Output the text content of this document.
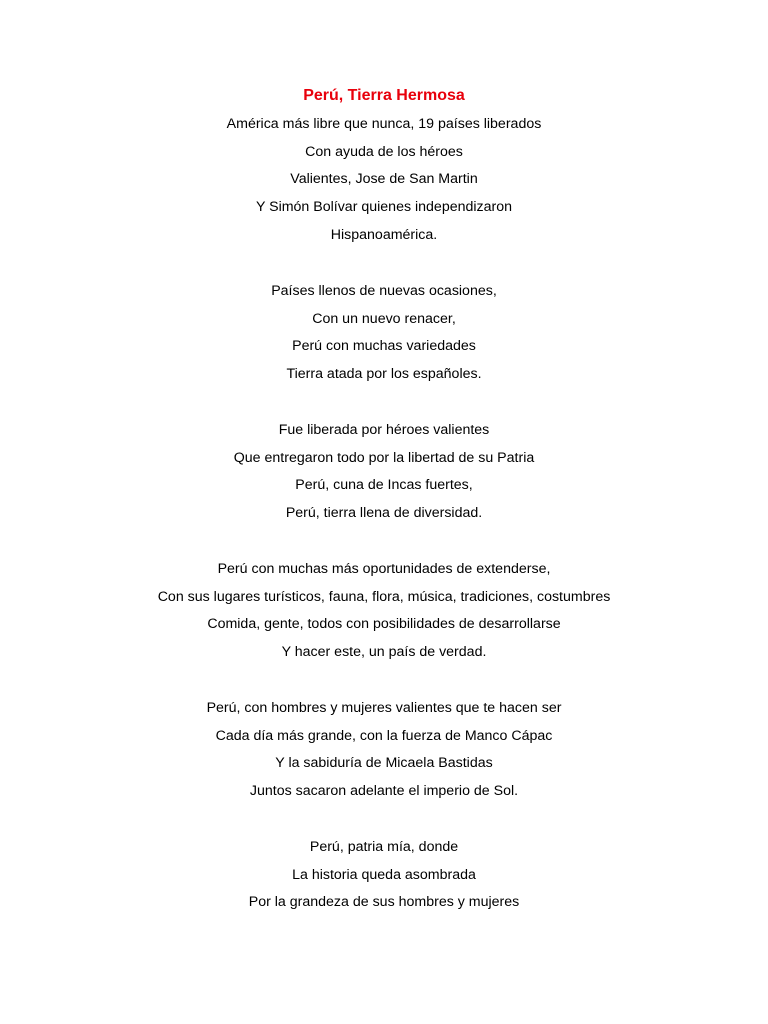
Perú, Tierra Hermosa
América más libre que nunca, 19 países liberados
Con ayuda de los héroes
Valientes, Jose de San Martin
Y Simón Bolívar quienes independizaron
Hispanoamérica.
Países llenos de nuevas ocasiones,
Con un nuevo renacer,
Perú con muchas variedades
Tierra atada por los españoles.
Fue liberada por héroes valientes
Que entregaron todo por la libertad de su Patria
Perú, cuna de Incas fuertes,
Perú, tierra llena de diversidad.
Perú con muchas más oportunidades de extenderse,
Con sus lugares turísticos, fauna, flora, música, tradiciones, costumbres
Comida, gente, todos con posibilidades de desarrollarse
Y hacer este, un país de verdad.
Perú, con hombres y mujeres valientes que te hacen ser
Cada día más grande, con la fuerza de Manco Cápac
Y la sabiduría de Micaela Bastidas
Juntos sacaron adelante el imperio de Sol.
Perú, patria mía, donde
La historia queda asombrada
Por la grandeza de sus hombres y mujeres
